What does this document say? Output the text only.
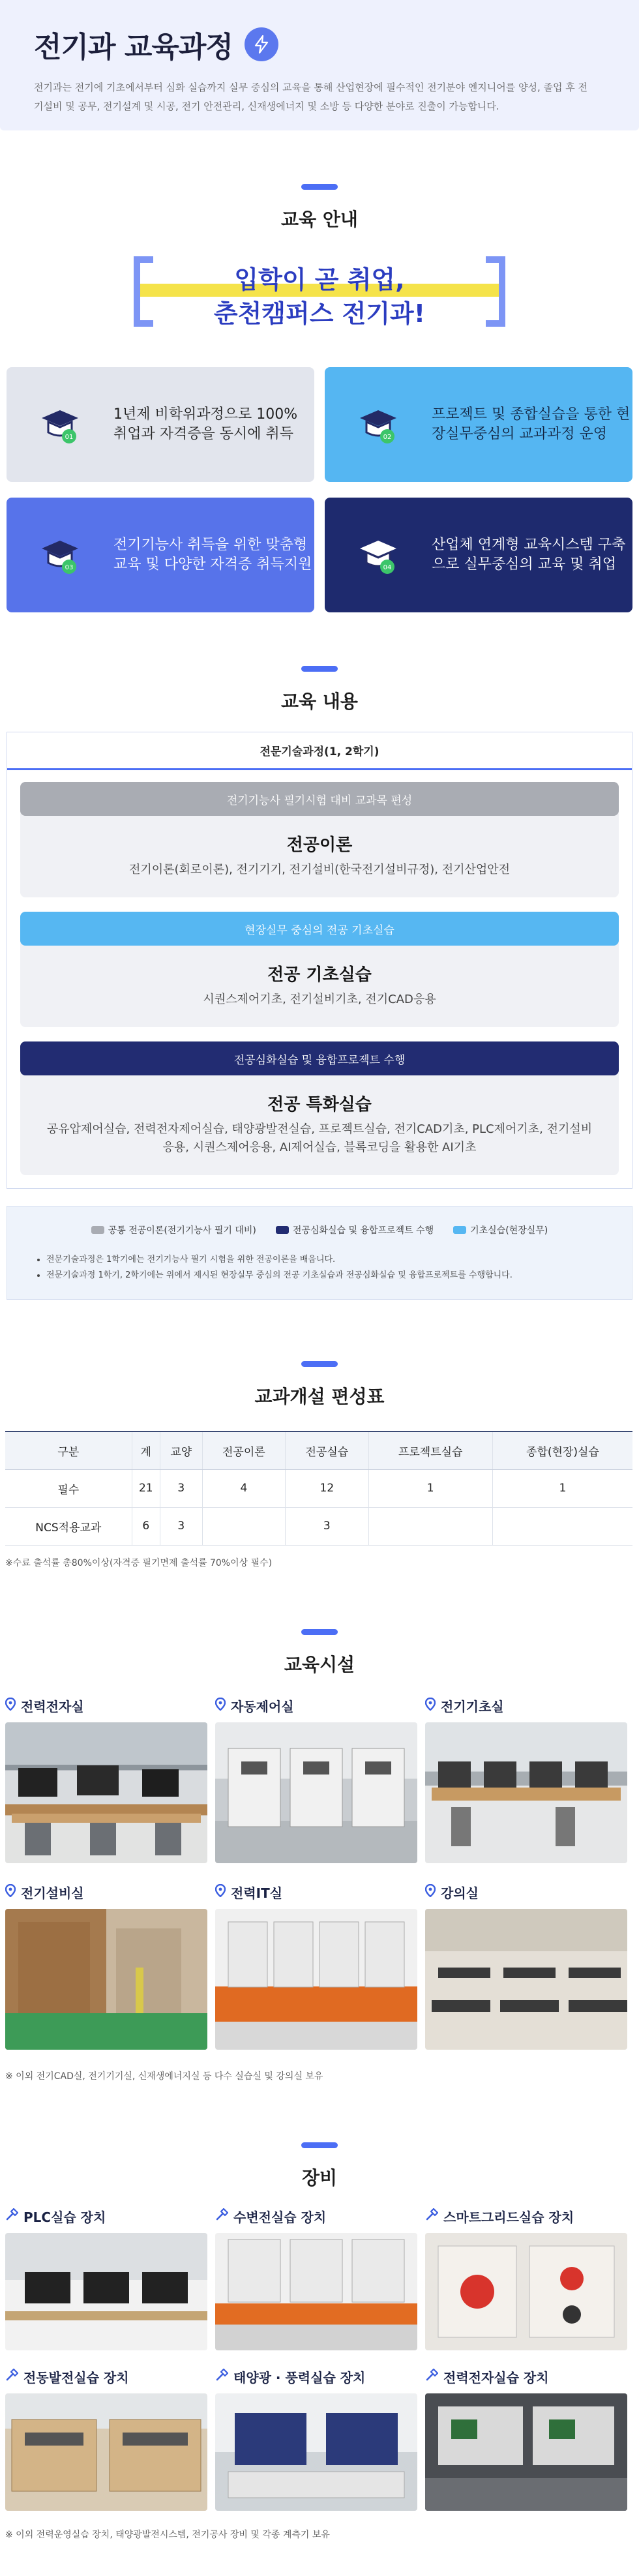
전기과 교육과정

전기과는 전기에 기초에서부터 심화 실습까지 실무 중심의 교육을 통해 산업현장에 필수적인 전기분야 엔지니어를 양성, 졸업 후 전기설비 및 공무, 전기설계 및 시공, 전기 안전관리, 신재생에너지 및 소방 등 다양한 분야로 진출이 가능합니다.

교육 안내
입학이 곧 취업,
춘천캠퍼스 전기과!
01
1년제 비학위과정으로 100% 취업과 자격증을 동시에 취득	02
프로젝트 및 종합실습을 통한 현장실무중심의 교과과정 운영
03
전기기능사 취득을 위한 맞춤형 교육 및 다양한 자격증 취득지원	04
산업체 연계형 교육시스템 구축으로 실무중심의 교육 및 취업
교육 내용
전문기술과정(1, 2학기)
전기기능사 필기시험 대비 교과목 편성
전공이론
전기이론(회로이론), 전기기기, 전기설비(한국전기설비규정), 전기산업안전
현장실무 중심의 전공 기초실습
전공 기초실습
시퀀스제어기초, 전기설비기초, 전기CAD응용
전공심화실습 및 융합프로젝트 수행
전공 특화실습
공유압제어실습, 전력전자제어실습, 태양광발전실습, 프로젝트실습, 전기CAD기초, PLC제어기초, 전기설비응용, 시퀀스제어응용, AI제어실습, 블록코딩을 활용한 AI기초
공통 전공이론(전기기능사 필기 대비)	전공심화실습 및 융합프로젝트 수행	기초실습(현장실무)
• 전문기술과정은 1학기에는 전기기능사 필기 시험을 위한 전공이론을 배웁니다.
• 전문기술과정 1학기, 2학기에는 위에서 제시된 현장실무 중심의 전공 기초실습과 전공심화실습 및 융합프로젝트를 수행합니다.
교과개설 편성표
구분	계	교양	전공이론	전공실습	프로젝트실습	종합(현장)실습
필수	21	3	4	12	1	1
NCS적용교과	6	3		3		

※수료 출석률 총80%이상(자격증 필기면제 출석률 70%이상 필수)

교육시설
전력전자실	자동제어실	전기기초실
전기설비실	전력IT실	강의실

※ 이외 전기CAD실, 전기기기실, 신재생에너지실 등 다수 실습실 및 강의실 보유

장비
PLC실습 장치	수변전실습 장치	스마트그리드실습 장치
전동발전실습 장치	태양광 · 풍력실습 장치	전력전자실습 장치

※ 이외 전력운영실습 장치, 태양광발전시스템, 전기공사 장비 및 각종 계측기 보유
